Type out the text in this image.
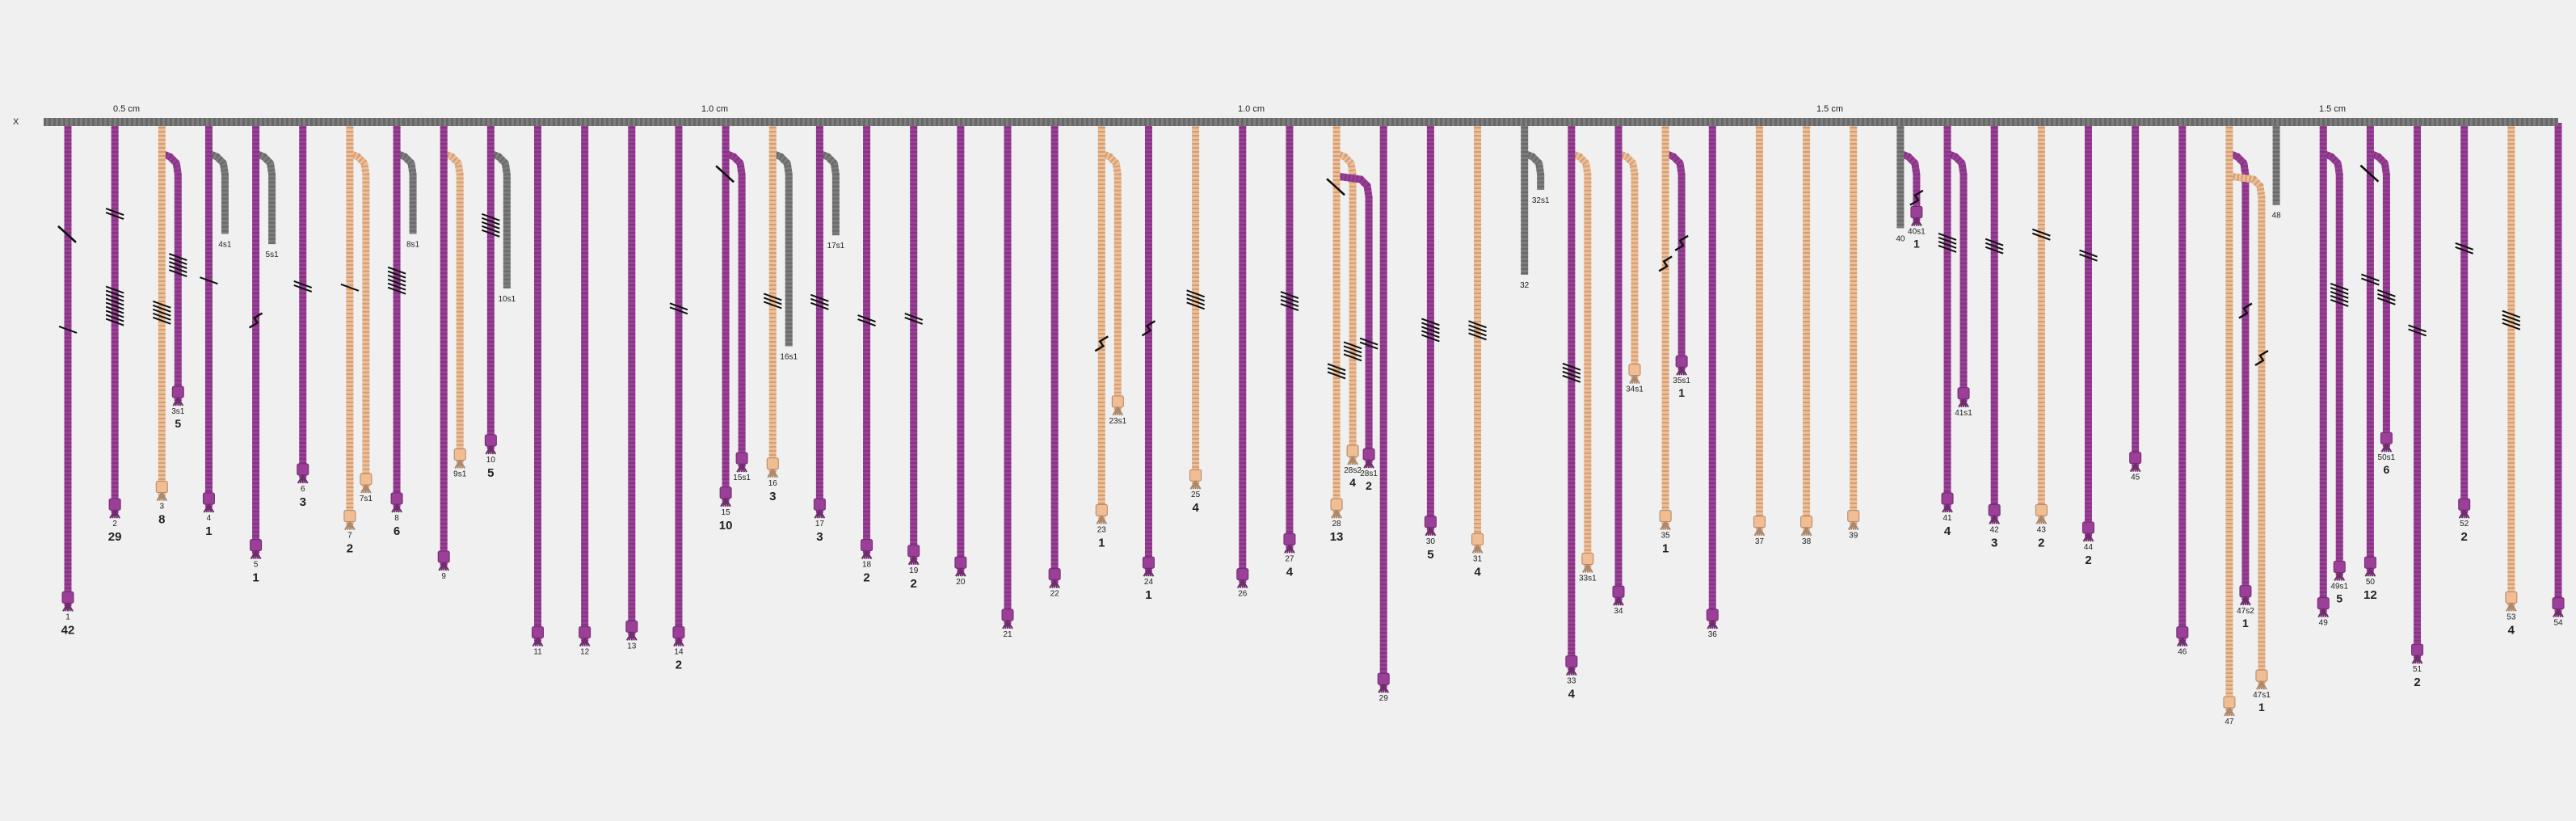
X
0.5 cm	1.0 cm	1.0 cm	1.5 cm	1.5 cm
1
42
2
29
3s1
5
3
8
4s1
4
1
5s1
5
1
6
3	7s1
7
2
8s1
8
6
9s1
9
10s1
10
5
11	12
13
14
2
15s1
15
10
16s1
16
3
17s1
17
3
18
2
19
2	20
21
22
23s1
23
1
24
1
25
4
26
27
4
28s2
4
28s1
2
28
13
29
30
5	31
4
32s1
32
33s1
33
4
34s1
34
35s1
1
35
1
36
37	38
39
40s1
1
40
41s1
41
4	42
3
43
2	44
2
45
46
47s2
1
47s1
1
47
48
49s1
5
49
50s1
6
50
12
51
2
52
2
53
4
54
